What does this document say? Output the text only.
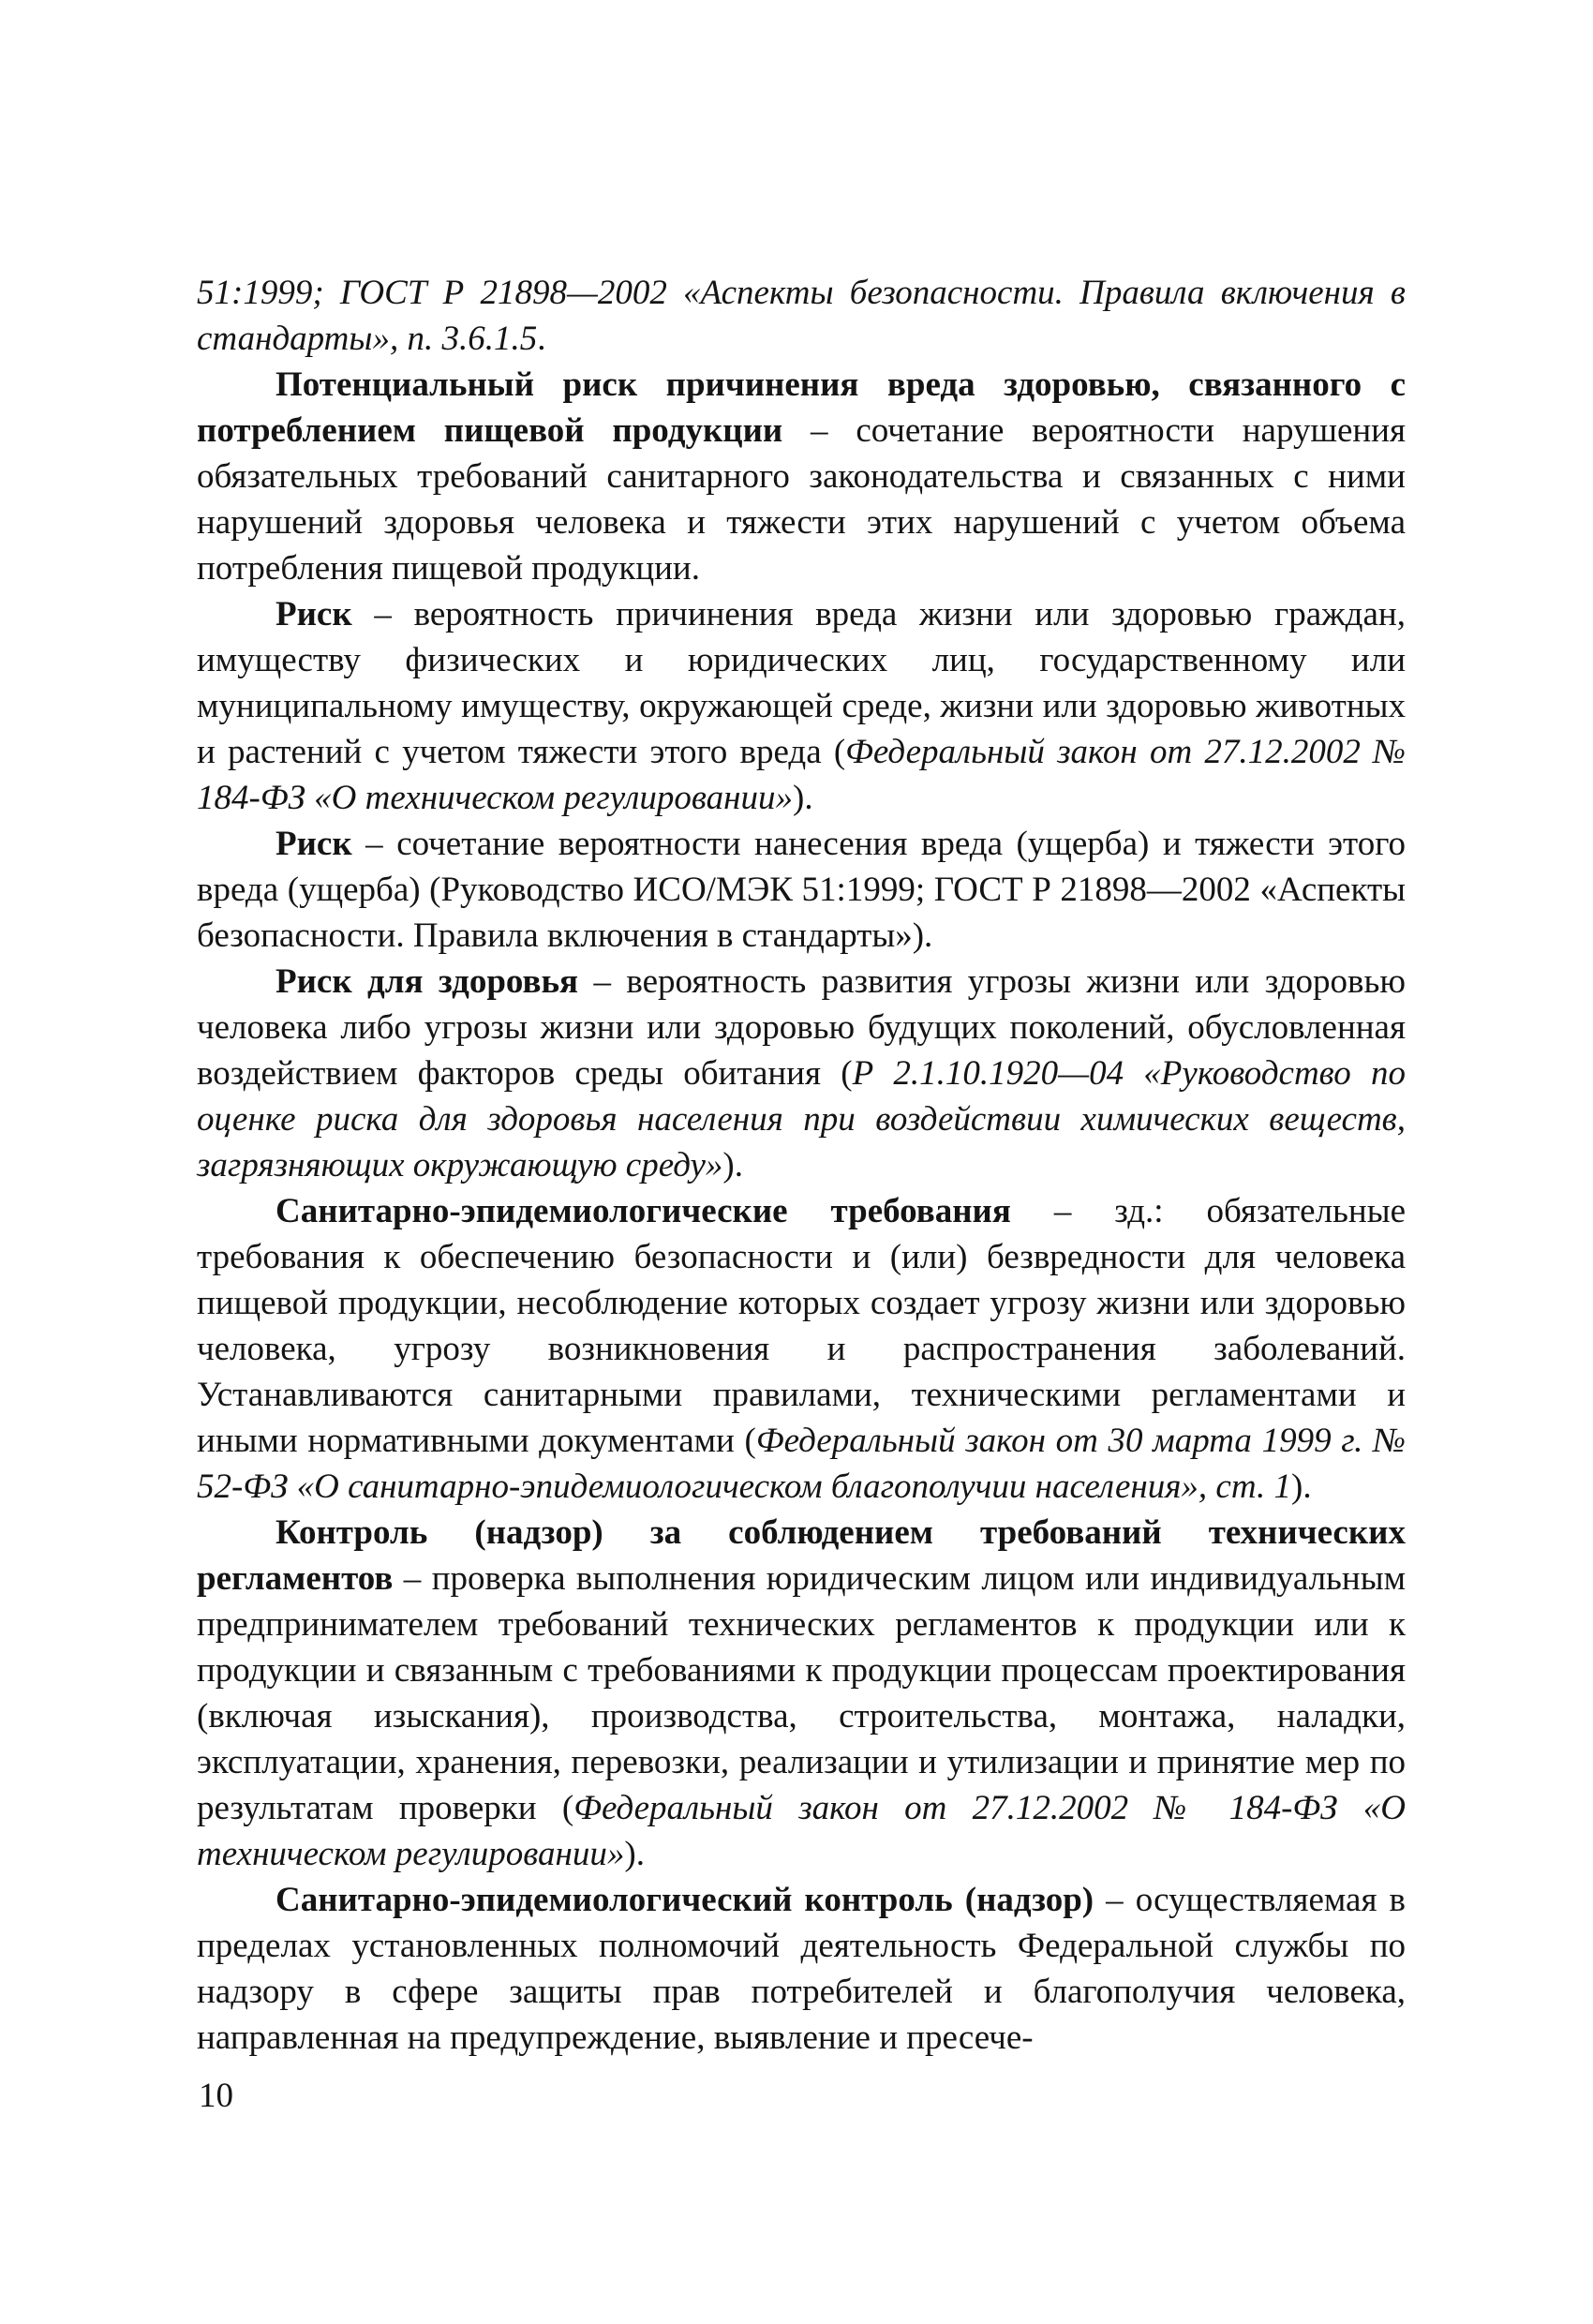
51:1999; ГОСТ Р 21898—2002 «Аспекты безопасности. Правила включения в стандарты», п. 3.6.1.5.

Потенциальный риск причинения вреда здоровью, связанного с потреблением пищевой продукции – сочетание вероятности нарушения обязательных требований санитарного законодательства и связанных с ними нарушений здоровья человека и тяжести этих нарушений с учетом объема потребления пищевой продукции.

Риск – вероятность причинения вреда жизни или здоровью граждан, имуществу физических и юридических лиц, государственному или муниципальному имуществу, окружающей среде, жизни или здоровью животных и растений с учетом тяжести этого вреда (Федеральный закон от 27.12.2002 № 184-ФЗ «О техническом регулировании»).

Риск – сочетание вероятности нанесения вреда (ущерба) и тяжести этого вреда (ущерба) (Руководство ИСО/МЭК 51:1999; ГОСТ Р 21898—2002 «Аспекты безопасности. Правила включения в стандарты»).

Риск для здоровья – вероятность развития угрозы жизни или здоровью человека либо угрозы жизни или здоровью будущих поколений, обусловленная воздействием факторов среды обитания (Р 2.1.10.1920—04 «Руководство по оценке риска для здоровья населения при воздействии химических веществ, загрязняющих окружающую среду»).

Санитарно-эпидемиологические требования – зд.: обязательные требования к обеспечению безопасности и (или) безвредности для человека пищевой продукции, несоблюдение которых создает угрозу жизни или здоровью человека, угрозу возникновения и распространения заболеваний. Устанавливаются санитарными правилами, техническими регламентами и иными нормативными документами (Федеральный закон от 30 марта 1999 г. № 52-ФЗ «О санитарно-эпидемиологическом благополучии населения», ст. 1).

Контроль (надзор) за соблюдением требований технических регламентов – проверка выполнения юридическим лицом или индивидуальным предпринимателем требований технических регламентов к продукции или к продукции и связанным с требованиями к продукции процессам проектирования (включая изыскания), производства, строительства, монтажа, наладки, эксплуатации, хранения, перевозки, реализации и утилизации и принятие мер по результатам проверки (Федеральный закон от 27.12.2002 № 184-ФЗ «О техническом регулировании»).

Санитарно-эпидемиологический контроль (надзор) – осуществляемая в пределах установленных полномочий деятельность Федеральной службы по надзору в сфере защиты прав потребителей и благополучия человека, направленная на предупреждение, выявление и пресече-

10
